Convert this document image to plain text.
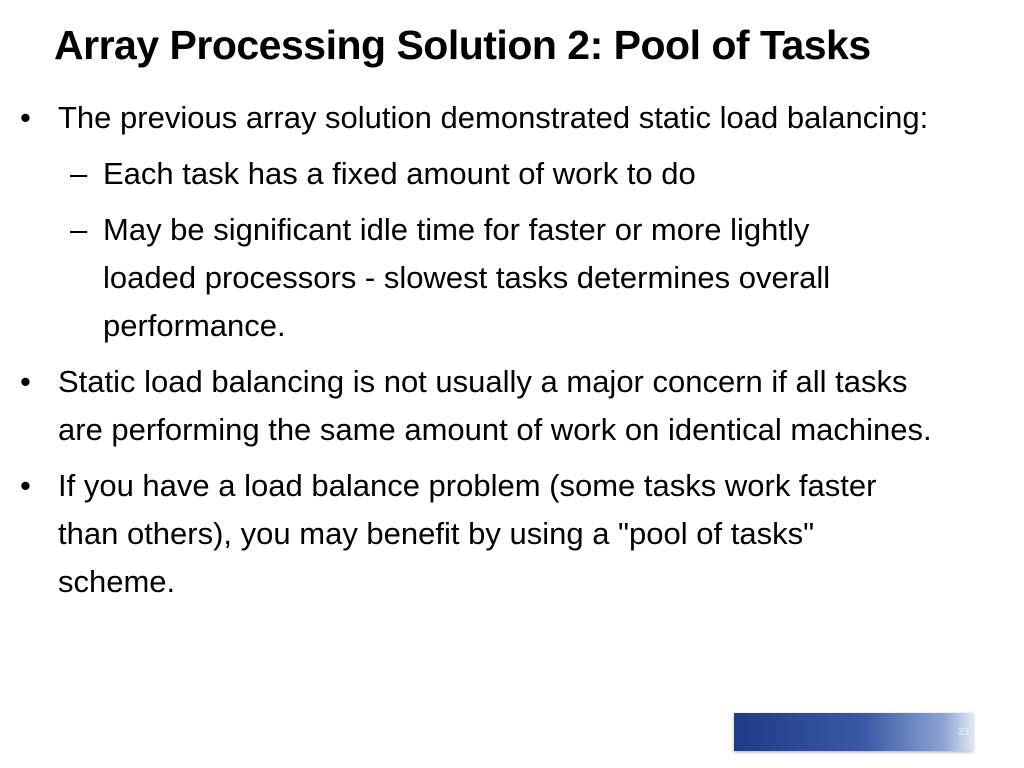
Array Processing Solution 2: Pool of Tasks
• The previous array solution demonstrated static load balancing:
– Each task has a fixed amount of work to do
– May be significant idle time for faster or more lightly loaded processors - slowest tasks determines overall performance.
• Static load balancing is not usually a major concern if all tasks are performing the same amount of work on identical machines.
• If you have a load balance problem (some tasks work faster than others), you may benefit by using a "pool of tasks" scheme.
23
